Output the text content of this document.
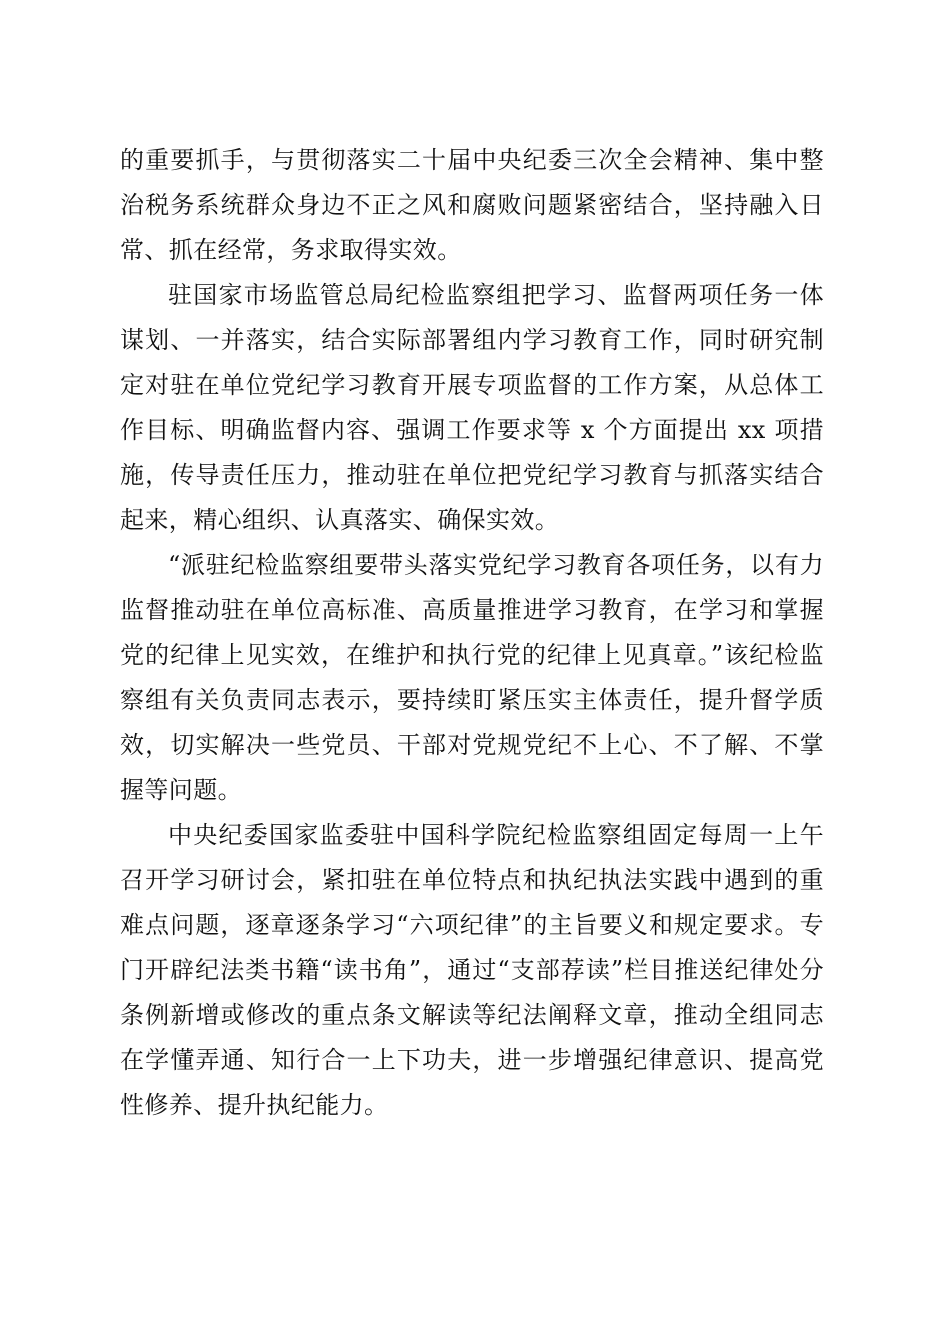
的重要抓手，与贯彻落实二十届中央纪委三次全会精神、集中整治税务系统群众身边不正之风和腐败问题紧密结合，坚持融入日常、抓在经常，务求取得实效。

驻国家市场监管总局纪检监察组把学习、监督两项任务一体谋划、一并落实，结合实际部署组内学习教育工作，同时研究制定对驻在单位党纪学习教育开展专项监督的工作方案，从总体工作目标、明确监督内容、强调工作要求等 x 个方面提出 xx 项措施，传导责任压力，推动驻在单位把党纪学习教育与抓落实结合起来，精心组织、认真落实、确保实效。

“派驻纪检监察组要带头落实党纪学习教育各项任务，以有力监督推动驻在单位高标准、高质量推进学习教育，在学习和掌握党的纪律上见实效，在维护和执行党的纪律上见真章。”该纪检监察组有关负责同志表示，要持续盯紧压实主体责任，提升督学质效，切实解决一些党员、干部对党规党纪不上心、不了解、不掌握等问题。

中央纪委国家监委驻中国科学院纪检监察组固定每周一上午召开学习研讨会，紧扣驻在单位特点和执纪执法实践中遇到的重难点问题，逐章逐条学习“六项纪律”的主旨要义和规定要求。专门开辟纪法类书籍“读书角”，通过“支部荐读”栏目推送纪律处分条例新增或修改的重点条文解读等纪法阐释文章，推动全组同志在学懂弄通、知行合一上下功夫，进一步增强纪律意识、提高党性修养、提升执纪能力。
